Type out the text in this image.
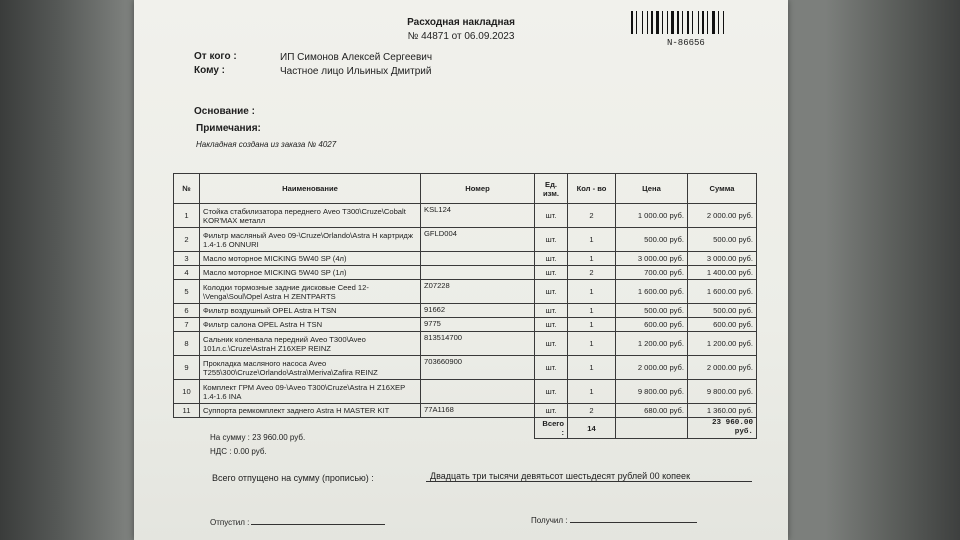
Расходная накладная
№ 44871 от 06.09.2023
N-86656
От кого :	ИП Симонов Алексей Сергеевич
Кому :	Частное лицо Ильиных Дмитрий
Основание :
Примечания:
Накладная создана из заказа № 4027
№	Наименование	Номер	Ед. изм.	Кол - во	Цена	Сумма
1	Стойка стабилизатора переднего Aveo T300\Cruze\Cobalt KOR'MAX металл	KSL124	шт.	2	1 000.00 руб.	2 000.00 руб.
2	Фильтр масляный Aveo 09-\Cruze\Orlando\Astra H картридж 1.4-1.6 ONNURI	GFLD004	шт.	1	500.00 руб.	500.00 руб.
3	Масло моторное MICKING 5W40 SP (4л)		шт.	1	3 000.00 руб.	3 000.00 руб.
4	Масло моторное MICKING 5W40 SP (1л)		шт.	2	700.00 руб.	1 400.00 руб.
5	Колодки тормозные задние дисковые Ceed 12-\Venga\Soul\Opel Astra H ZENTPARTS	Z07228	шт.	1	1 600.00 руб.	1 600.00 руб.
6	Фильтр воздушный OPEL Astra H TSN	91662	шт.	1	500.00 руб.	500.00 руб.
7	Фильтр салона OPEL Astra H TSN	9775	шт.	1	600.00 руб.	600.00 руб.
8	Сальник коленвала передний Aveo T300\Aveo 101л.с.\Cruze\AstraH Z16XEP REINZ	813514700	шт.	1	1 200.00 руб.	1 200.00 руб.
9	Прокладка масляного насоса Aveo T255\300\Cruze\Orlando\Astra\Meriva\Zafira REINZ	703660900	шт.	1	2 000.00 руб.	2 000.00 руб.
10	Комплект ГРМ Aveo 09-\Aveo T300\Cruze\Astra H Z16XEP 1.4-1.6 INA		шт.	1	9 800.00 руб.	9 800.00 руб.
11	Суппорта ремкомплект заднего Astra H MASTER KIT	77A1168	шт.	2	680.00 руб.	1 360.00 руб.
			Всего :	14		23 960.00 руб.
На сумму : 23 960.00 руб.
НДС : 0.00 руб.
Всего отпущено на сумму (прописью) :	Двадцать три тысячи девятьсот шестьдесят рублей 00 копеек
Отпустил :	Получил :
